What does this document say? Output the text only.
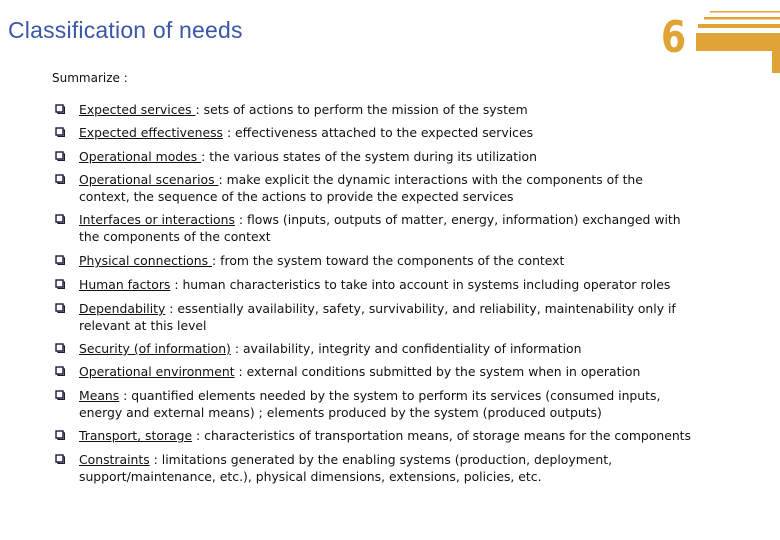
Classification of needs	6
Summarize :
Expected services : sets of actions to perform the mission of the system
Expected effectiveness : effectiveness attached to the expected services
Operational modes : the various states of the system during its utilization
Operational scenarios : make explicit the dynamic interactions with the components of the
context, the sequence of the actions to provide the expected services
Interfaces or interactions : flows (inputs, outputs of matter, energy, information) exchanged with
the components of the context
Physical connections : from the system toward the components of the context
Human factors : human characteristics to take into account in systems including operator roles
Dependability : essentially availability, safety, survivability, and reliability, maintenability only if
relevant at this level
Security (of information) : availability, integrity and confidentiality of information
Operational environment : external conditions submitted by the system when in operation
Means : quantified elements needed by the system to perform its services (consumed inputs,
energy and external means) ; elements produced by the system (produced outputs)
Transport, storage : characteristics of transportation means, of storage means for the components
Constraints : limitations generated by the enabling systems (production, deployment,
support/maintenance, etc.), physical dimensions, extensions, policies, etc.
